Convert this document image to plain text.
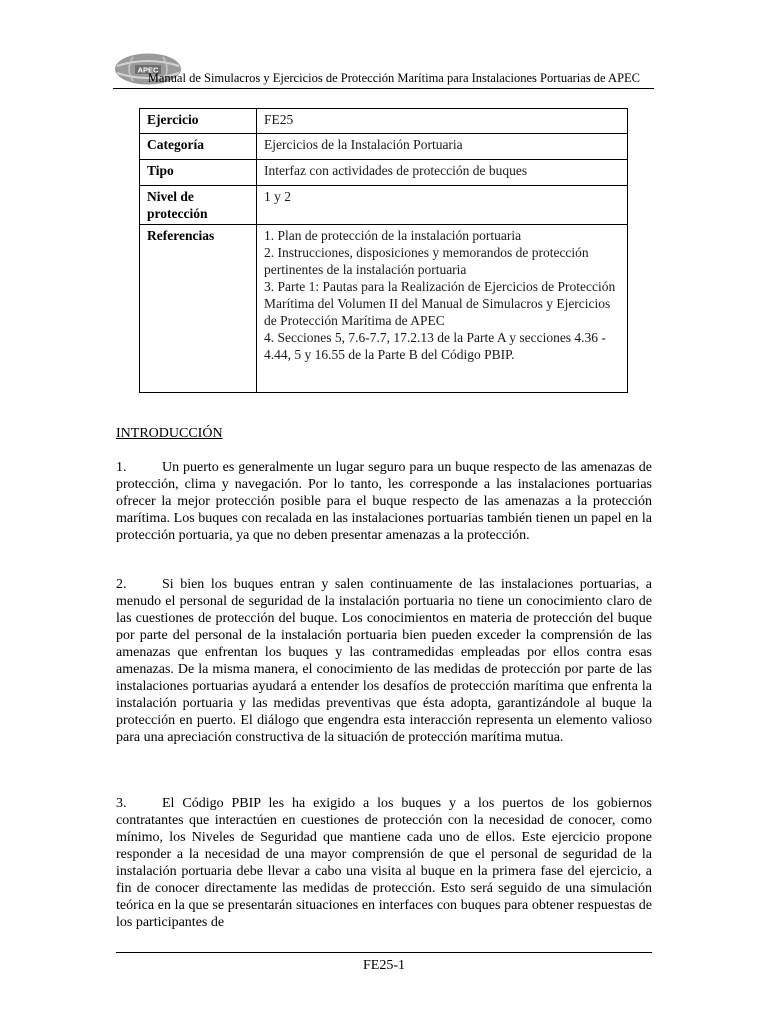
APEC
Manual de Simulacros y Ejercicios de Protección Marítima para Instalaciones Portuarias de APEC
Ejercicio	FE25
Categoría	Ejercicios de la Instalación Portuaria
Tipo	Interfaz con actividades de protección de buques
Nivel de protección	1 y 2
Referencias	1. Plan de protección de la instalación portuaria
2. Instrucciones, disposiciones y memorandos de protección pertinentes de la instalación portuaria
3. Parte 1: Pautas para la Realización de Ejercicios de Protección Marítima del Volumen II del Manual de Simulacros y Ejercicios de Protección Marítima de APEC
4. Secciones 5, 7.6-7.7, 17.2.13 de la Parte A y secciones 4.36 - 4.44, 5 y 16.55 de la Parte B del Código PBIP.
INTRODUCCIÓN

1.	Un puerto es generalmente un lugar seguro para un buque respecto de las amenazas de protección, clima y navegación. Por lo tanto, les corresponde a las instalaciones portuarias ofrecer la mejor protección posible para el buque respecto de las amenazas a la protección marítima. Los buques con recalada en las instalaciones portuarias también tienen un papel en la protección portuaria, ya que no deben presentar amenazas a la protección.

2.	Si bien los buques entran y salen continuamente de las instalaciones portuarias, a menudo el personal de seguridad de la instalación portuaria no tiene un conocimiento claro de las cuestiones de protección del buque. Los conocimientos en materia de protección del buque por parte del personal de la instalación portuaria bien pueden exceder la comprensión de las amenazas que enfrentan los buques y las contramedidas empleadas por ellos contra esas amenazas. De la misma manera, el conocimiento de las medidas de protección por parte de las instalaciones portuarias ayudará a entender los desafíos de protección marítima que enfrenta la instalación portuaria y las medidas preventivas que ésta adopta, garantizándole al buque la protección en puerto. El diálogo que engendra esta interacción representa un elemento valioso para una apreciación constructiva de la situación de protección marítima mutua.

3.	El Código PBIP les ha exigido a los buques y a los puertos de los gobiernos contratantes que interactúen en cuestiones de protección con la necesidad de conocer, como mínimo, los Niveles de Seguridad que mantiene cada uno de ellos. Este ejercicio propone responder a la necesidad de una mayor comprensión de que el personal de seguridad de la instalación portuaria debe llevar a cabo una visita al buque en la primera fase del ejercicio, a fin de conocer directamente las medidas de protección. Esto será seguido de una simulación teórica en la que se presentarán situaciones en interfaces con buques para obtener respuestas de los participantes de

FE25-1
